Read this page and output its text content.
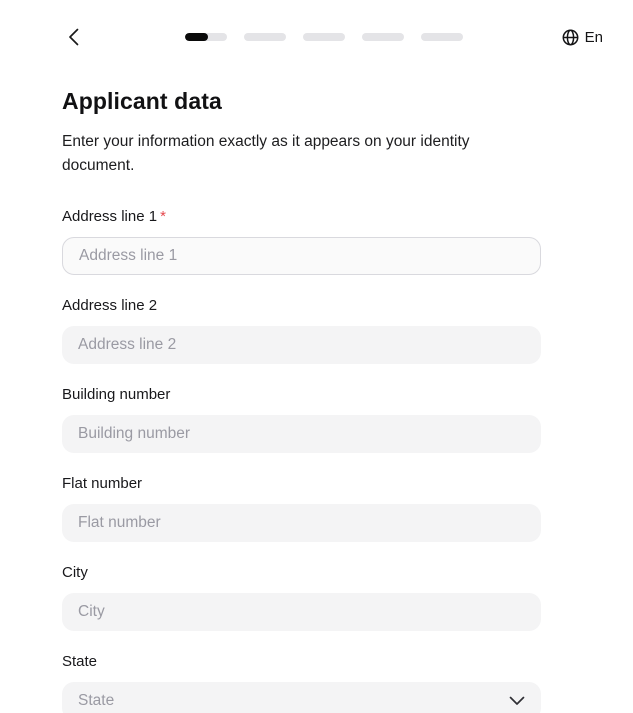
En
Applicant data

Enter your information exactly as it appears on your identity document.

Address line 1 *
Address line 1
Address line 2
Address line 2
Building number
Building number
Flat number
Flat number
City
City
State
State
